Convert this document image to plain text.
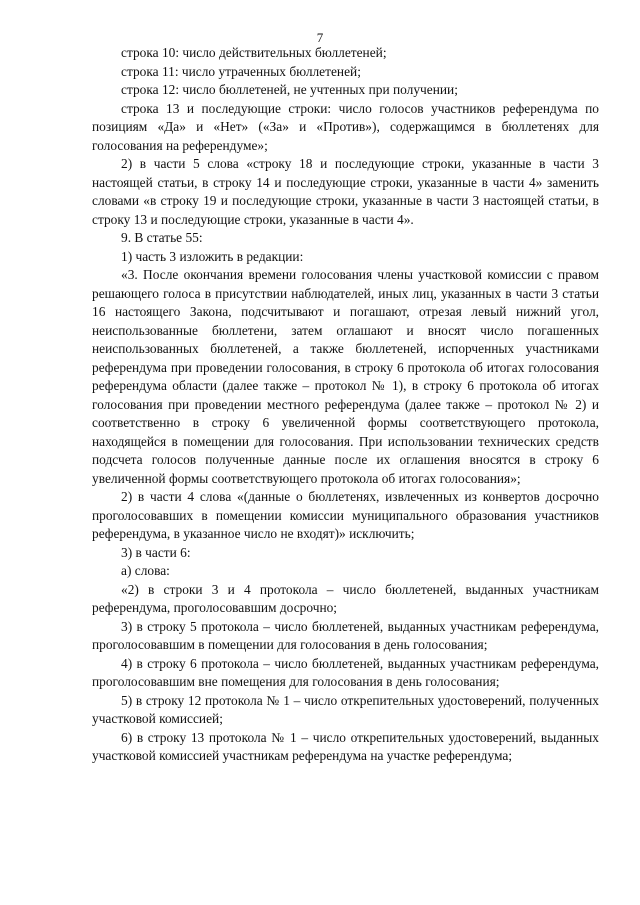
7

строка 10: число действительных бюллетеней;

строка 11: число утраченных бюллетеней;

строка 12: число бюллетеней, не учтенных при получении;

строка 13 и последующие строки: число голосов участников референдума по позициям «Да» и «Нет» («За» и «Против»), содержащимся в бюллетенях для голосования на референдуме»;

2) в части 5 слова «строку 18 и последующие строки, указанные в части 3 настоящей статьи, в строку 14 и последующие строки, указанные в части 4» заменить словами «в строку 19 и последующие строки, указанные в части 3 настоящей статьи, в строку 13 и последующие строки, указанные в части 4».

9. В статье 55:

1) часть 3 изложить в редакции:

«3. После окончания времени голосования члены участковой комиссии с правом решающего голоса в присутствии наблюдателей, иных лиц, указанных в части 3 статьи 16 настоящего Закона, подсчитывают и погашают, отрезая левый нижний угол, неиспользованные бюллетени, затем оглашают и вносят число погашенных неиспользованных бюллетеней, а также бюллетеней, испорченных участниками референдума при проведении голосования, в строку 6 протокола об итогах голосования референдума области (далее также – протокол № 1), в строку 6 протокола об итогах голосования при проведении местного референдума (далее также – протокол № 2) и соответственно в строку 6 увеличенной формы соответствующего протокола, находящейся в помещении для голосования. При использовании технических средств подсчета голосов полученные данные после их оглашения вносятся в строку 6 увеличенной формы соответствующего протокола об итогах голосования»;

2) в части 4 слова «(данные о бюллетенях, извлеченных из конвертов досрочно проголосовавших в помещении комиссии муниципального образования участников референдума, в указанное число не входят)» исключить;

3) в части 6:

а) слова:

«2) в строки 3 и 4 протокола – число бюллетеней, выданных участникам референдума, проголосовавшим досрочно;

3) в строку 5 протокола – число бюллетеней, выданных участникам референдума, проголосовавшим в помещении для голосования в день голосования;

4) в строку 6 протокола – число бюллетеней, выданных участникам референдума, проголосовавшим вне помещения для голосования в день голосования;

5) в строку 12 протокола № 1 – число открепительных удостоверений, полученных участковой комиссией;

6) в строку 13 протокола № 1 – число открепительных удостоверений, выданных участковой комиссией участникам референдума на участке референдума;
